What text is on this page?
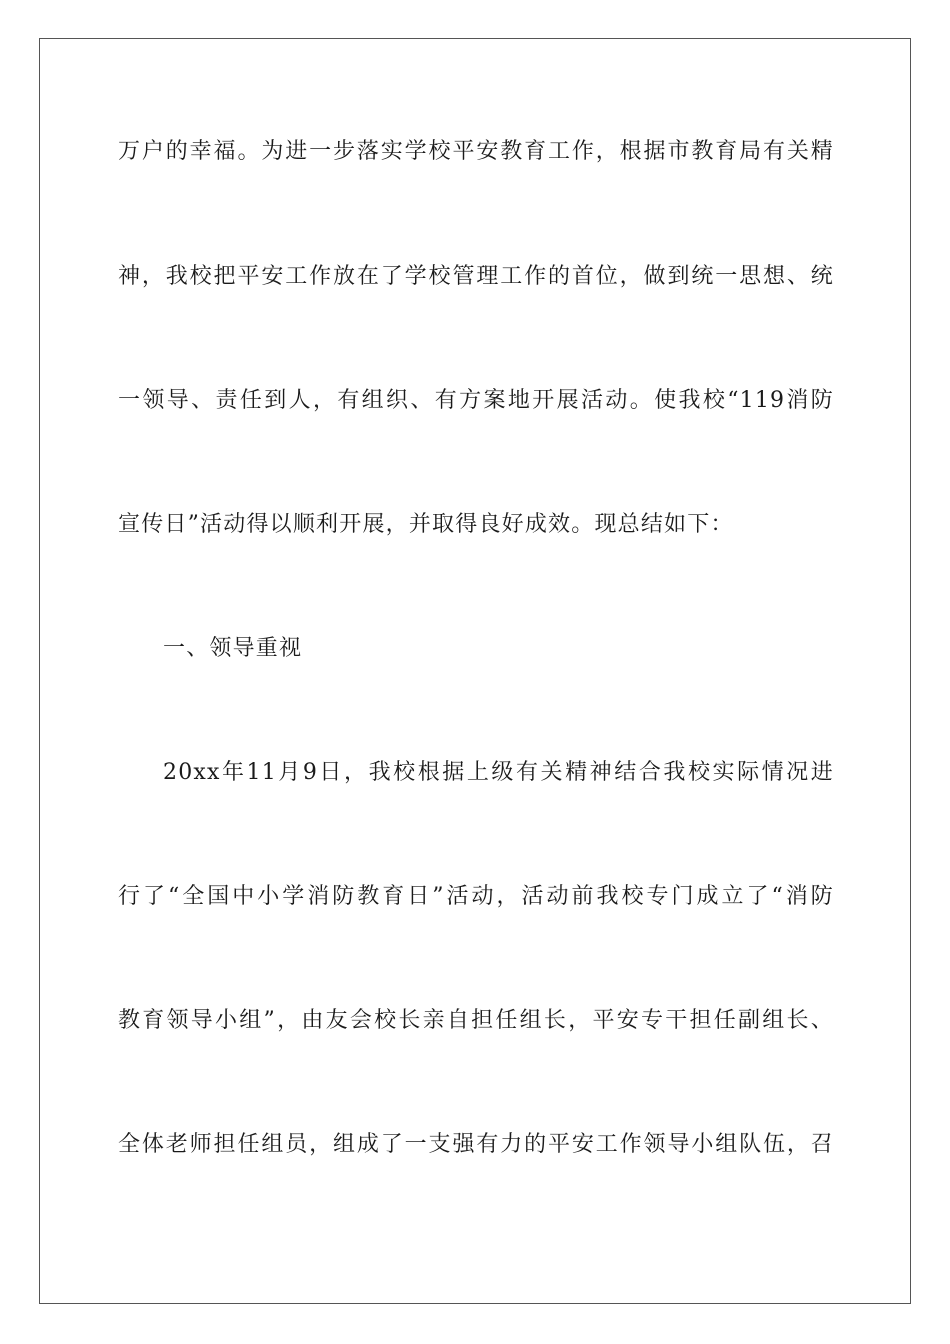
万户的幸福。为进一步落实学校平安教育工作，根据市教育局有关精
神，我校把平安工作放在了学校管理工作的首位，做到统一思想、统
一领导、责任到人，有组织、有方案地开展活动。使我校“119消防
宣传日”活动得以顺利开展，并取得良好成效。现总结如下：
一、领导重视
20xx年11月9日，我校根据上级有关精神结合我校实际情况进
行了“全国中小学消防教育日”活动，活动前我校专门成立了“消防
教育领导小组”，由友会校长亲自担任组长，平安专干担任副组长、
全体老师担任组员，组成了一支强有力的平安工作领导小组队伍，召
